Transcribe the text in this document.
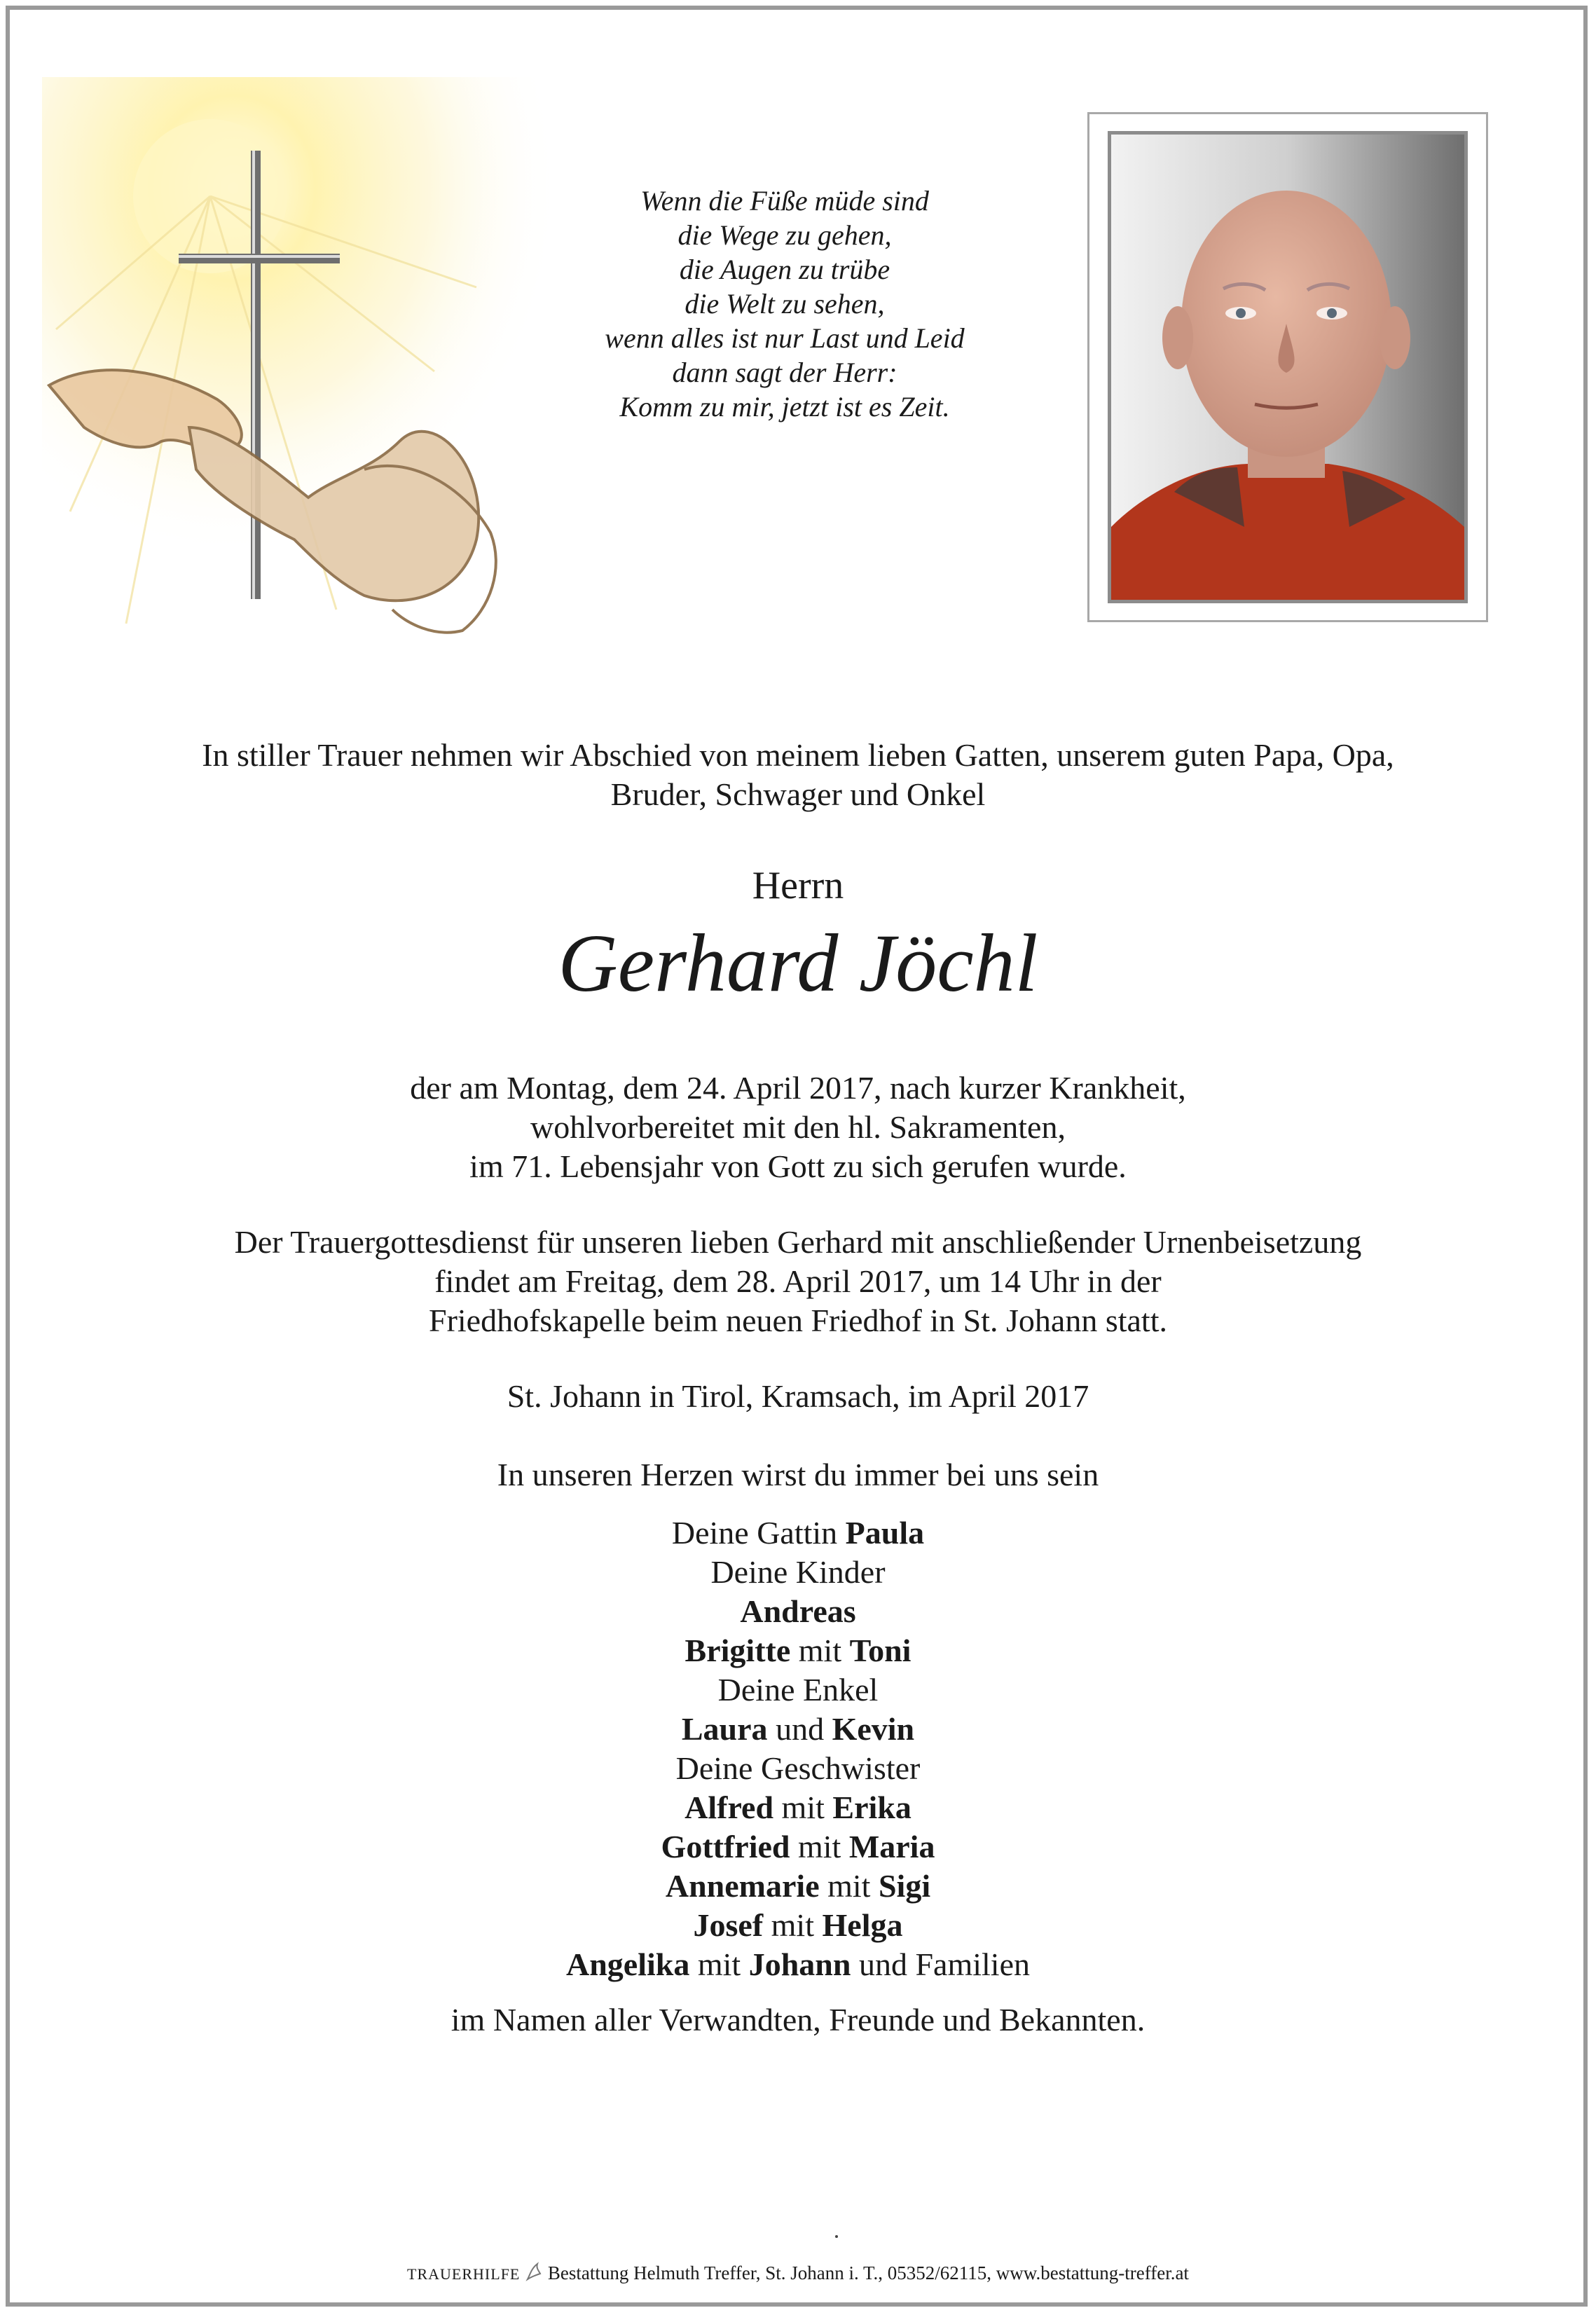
Wenn die Füße müde sind
die Wege zu gehen,
die Augen zu trübe
die Welt zu sehen,
wenn alles ist nur Last und Leid
dann sagt der Herr:
Komm zu mir, jetzt ist es Zeit.
In stiller Trauer nehmen wir Abschied von meinem lieben Gatten, unserem guten Papa, Opa,
Bruder, Schwager und Onkel
Herrn
Gerhard Jöchl
der am Montag, dem 24. April 2017, nach kurzer Krankheit,
wohlvorbereitet mit den hl. Sakramenten,
im 71. Lebensjahr von Gott zu sich gerufen wurde.
Der Trauergottesdienst für unseren lieben Gerhard mit anschließender Urnenbeisetzung
findet am Freitag, dem 28. April 2017, um 14 Uhr in der
Friedhofskapelle beim neuen Friedhof in St. Johann statt.
St. Johann in Tirol, Kramsach, im April 2017
In unseren Herzen wirst du immer bei uns sein
Deine Gattin Paula
Deine Kinder
Andreas
Brigitte mit Toni
Deine Enkel
Laura und Kevin
Deine Geschwister
Alfred mit Erika
Gottfried mit Maria
Annemarie mit Sigi
Josef mit Helga
Angelika mit Johann und Familien
im Namen aller Verwandten, Freunde und Bekannten.
TRAUERHILFE Bestattung Helmuth Treffer, St. Johann i. T., 05352/62115, www.bestattung-treffer.at
